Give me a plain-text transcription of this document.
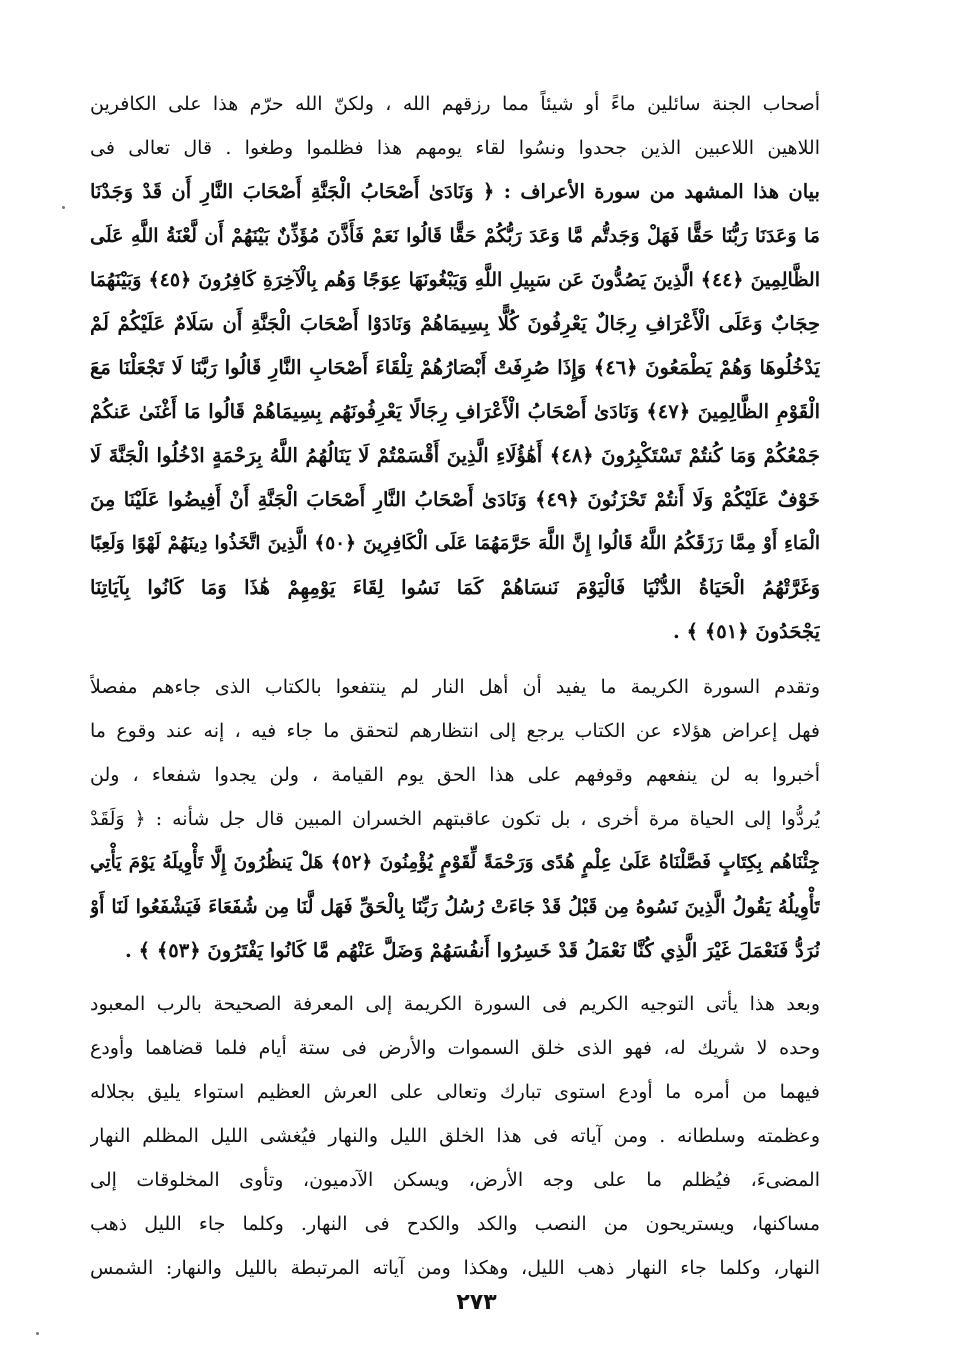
أصحاب الجنة سائلين ماءً أو شيئاً مما رزقهم الله ، ولكنّ الله حرّم هذا على الكافرين
اللاهين اللاعبين الذين جحدوا ونسُوا لقاء يومهم هذا فظلموا وطغوا . قال تعالى فى
بيان هذا المشهد من سورة الأعراف : ﴿ وَنَادَىٰ أَصْحَابُ الْجَنَّةِ أَصْحَابَ النَّارِ أَن قَدْ وَجَدْنَا
مَا وَعَدَنَا رَبُّنَا حَقًّا فَهَلْ وَجَدتُّم مَّا وَعَدَ رَبُّكُمْ حَقًّا قَالُوا نَعَمْ فَأَذَّنَ مُؤَذِّنٌ بَيْنَهُمْ أَن لَّعْنَةُ اللَّهِ عَلَى
الظَّالِمِينَ ﴿٤٤﴾ الَّذِينَ يَصُدُّونَ عَن سَبِيلِ اللَّهِ وَيَبْغُونَهَا عِوَجًا وَهُم بِالْآخِرَةِ كَافِرُونَ ﴿٤٥﴾ وَبَيْنَهُمَا
حِجَابٌ وَعَلَى الْأَعْرَافِ رِجَالٌ يَعْرِفُونَ كُلًّا بِسِيمَاهُمْ وَنَادَوْا أَصْحَابَ الْجَنَّةِ أَن سَلَامٌ عَلَيْكُمْ لَمْ
يَدْخُلُوهَا وَهُمْ يَطْمَعُونَ ﴿٤٦﴾ وَإِذَا صُرِفَتْ أَبْصَارُهُمْ تِلْقَاءَ أَصْحَابِ النَّارِ قَالُوا رَبَّنَا لَا تَجْعَلْنَا مَعَ
الْقَوْمِ الظَّالِمِينَ ﴿٤٧﴾ وَنَادَىٰ أَصْحَابُ الْأَعْرَافِ رِجَالًا يَعْرِفُونَهُم بِسِيمَاهُمْ قَالُوا مَا أَغْنَىٰ عَنكُمْ
جَمْعُكُمْ وَمَا كُنتُمْ تَسْتَكْبِرُونَ ﴿٤٨﴾ أَهَٰؤُلَاءِ الَّذِينَ أَقْسَمْتُمْ لَا يَنَالُهُمُ اللَّهُ بِرَحْمَةٍ ادْخُلُوا الْجَنَّةَ لَا
خَوْفٌ عَلَيْكُمْ وَلَا أَنتُمْ تَحْزَنُونَ ﴿٤٩﴾ وَنَادَىٰ أَصْحَابُ النَّارِ أَصْحَابَ الْجَنَّةِ أَنْ أَفِيضُوا عَلَيْنَا مِنَ
الْمَاءِ أَوْ مِمَّا رَزَقَكُمُ اللَّهُ قَالُوا إِنَّ اللَّهَ حَرَّمَهُمَا عَلَى الْكَافِرِينَ ﴿٥٠﴾ الَّذِينَ اتَّخَذُوا دِينَهُمْ لَهْوًا وَلَعِبًا
وَغَرَّتْهُمُ الْحَيَاةُ الدُّنْيَا فَالْيَوْمَ نَنسَاهُمْ كَمَا نَسُوا لِقَاءَ يَوْمِهِمْ هَٰذَا وَمَا كَانُوا بِآيَاتِنَا
يَجْحَدُونَ ﴿٥١﴾ ﴾ .
وتقدم السورة الكريمة ما يفيد أن أهل النار لم ينتفعوا بالكتاب الذى جاءهم مفصلاً
فهل إعراض هؤلاء عن الكتاب يرجع إلى انتظارهم لتحقق ما جاء فيه ، إنه عند وقوع ما
أخبروا به لن ينفعهم وقوفهم على هذا الحق يوم القيامة ، ولن يجدوا شفعاء ، ولن
يُردُّوا إلى الحياة مرة أخرى ، بل تكون عاقبتهم الخسران المبين قال جل شأنه : ﴿ وَلَقَدْ
جِئْنَاهُم بِكِتَابٍ فَصَّلْنَاهُ عَلَىٰ عِلْمٍ هُدًى وَرَحْمَةً لِّقَوْمٍ يُؤْمِنُونَ ﴿٥٢﴾ هَلْ يَنظُرُونَ إِلَّا تَأْوِيلَهُ يَوْمَ يَأْتِي
تَأْوِيلُهُ يَقُولُ الَّذِينَ نَسُوهُ مِن قَبْلُ قَدْ جَاءَتْ رُسُلُ رَبِّنَا بِالْحَقِّ فَهَل لَّنَا مِن شُفَعَاءَ فَيَشْفَعُوا لَنَا أَوْ
نُرَدُّ فَنَعْمَلَ غَيْرَ الَّذِي كُنَّا نَعْمَلُ قَدْ خَسِرُوا أَنفُسَهُمْ وَضَلَّ عَنْهُم مَّا كَانُوا يَفْتَرُونَ ﴿٥٣﴾ ﴾ .
وبعد هذا يأتى التوجيه الكريم فى السورة الكريمة إلى المعرفة الصحيحة بالرب المعبود
وحده لا شريك له، فهو الذى خلق السموات والأرض فى ستة أيام فلما قضاهما وأودع
فيهما من أمره ما أودع استوى تبارك وتعالى على العرش العظيم استواء يليق بجلاله
وعظمته وسلطانه . ومن آياته فى هذا الخلق الليل والنهار فيُغشى الليل المظلم النهار
المضىءَ، فيُظلم ما على وجه الأرض، ويسكن الآدميون، وتأوى المخلوقات إلى
مساكنها، ويستريحون من النصب والكد والكدح فى النهار. وكلما جاء الليل ذهب
النهار، وكلما جاء النهار ذهب الليل، وهكذا ومن آياته المرتبطة بالليل والنهار: الشمس
٢٧٣
